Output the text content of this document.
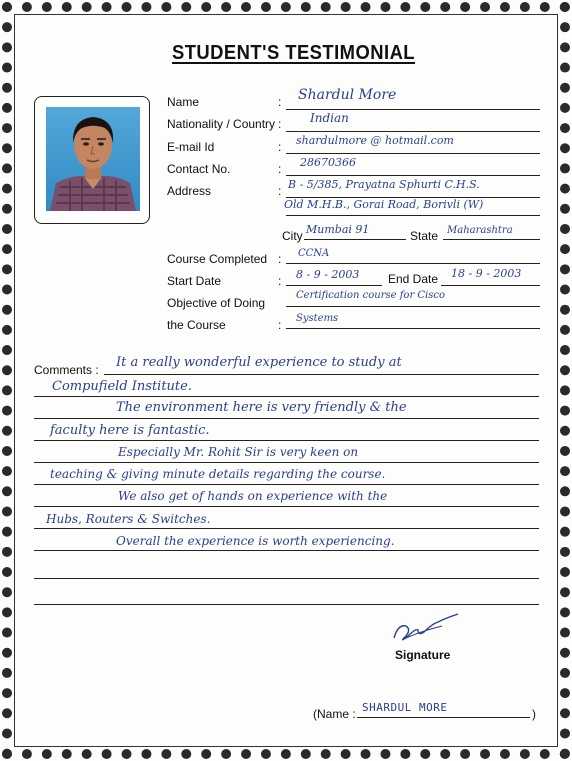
STUDENT'S TESTIMONIAL
Name	: Shardul More
Nationality / Country : Indian
E-mail Id	: shardulmore @ hotmail.com
Contact No.	: 28670366
Address	: B - 5/385, Prayatna Sphurti C.H.S.
Old M.H.B., Gorai Road, Borivli (W)
City Mumbai 91	State Maharashtra
Course Completed : CCNA
Start Date	: 8 - 9 - 2003 End Date 18 - 9 - 2003
Objective of Doing
Certification course for Cisco
the Course	: Systems
Comments : It a really wonderful experience to study at
Compufield Institute.
The environment here is very friendly & the
faculty here is fantastic.
Especially Mr. Rohit Sir is very keen on
teaching & giving minute details regarding the course.
We also get of hands on experience with the
Hubs, Routers & Switches.
Overall the experience is worth experiencing.
Signature
(Name : SHARDUL MORE	)
